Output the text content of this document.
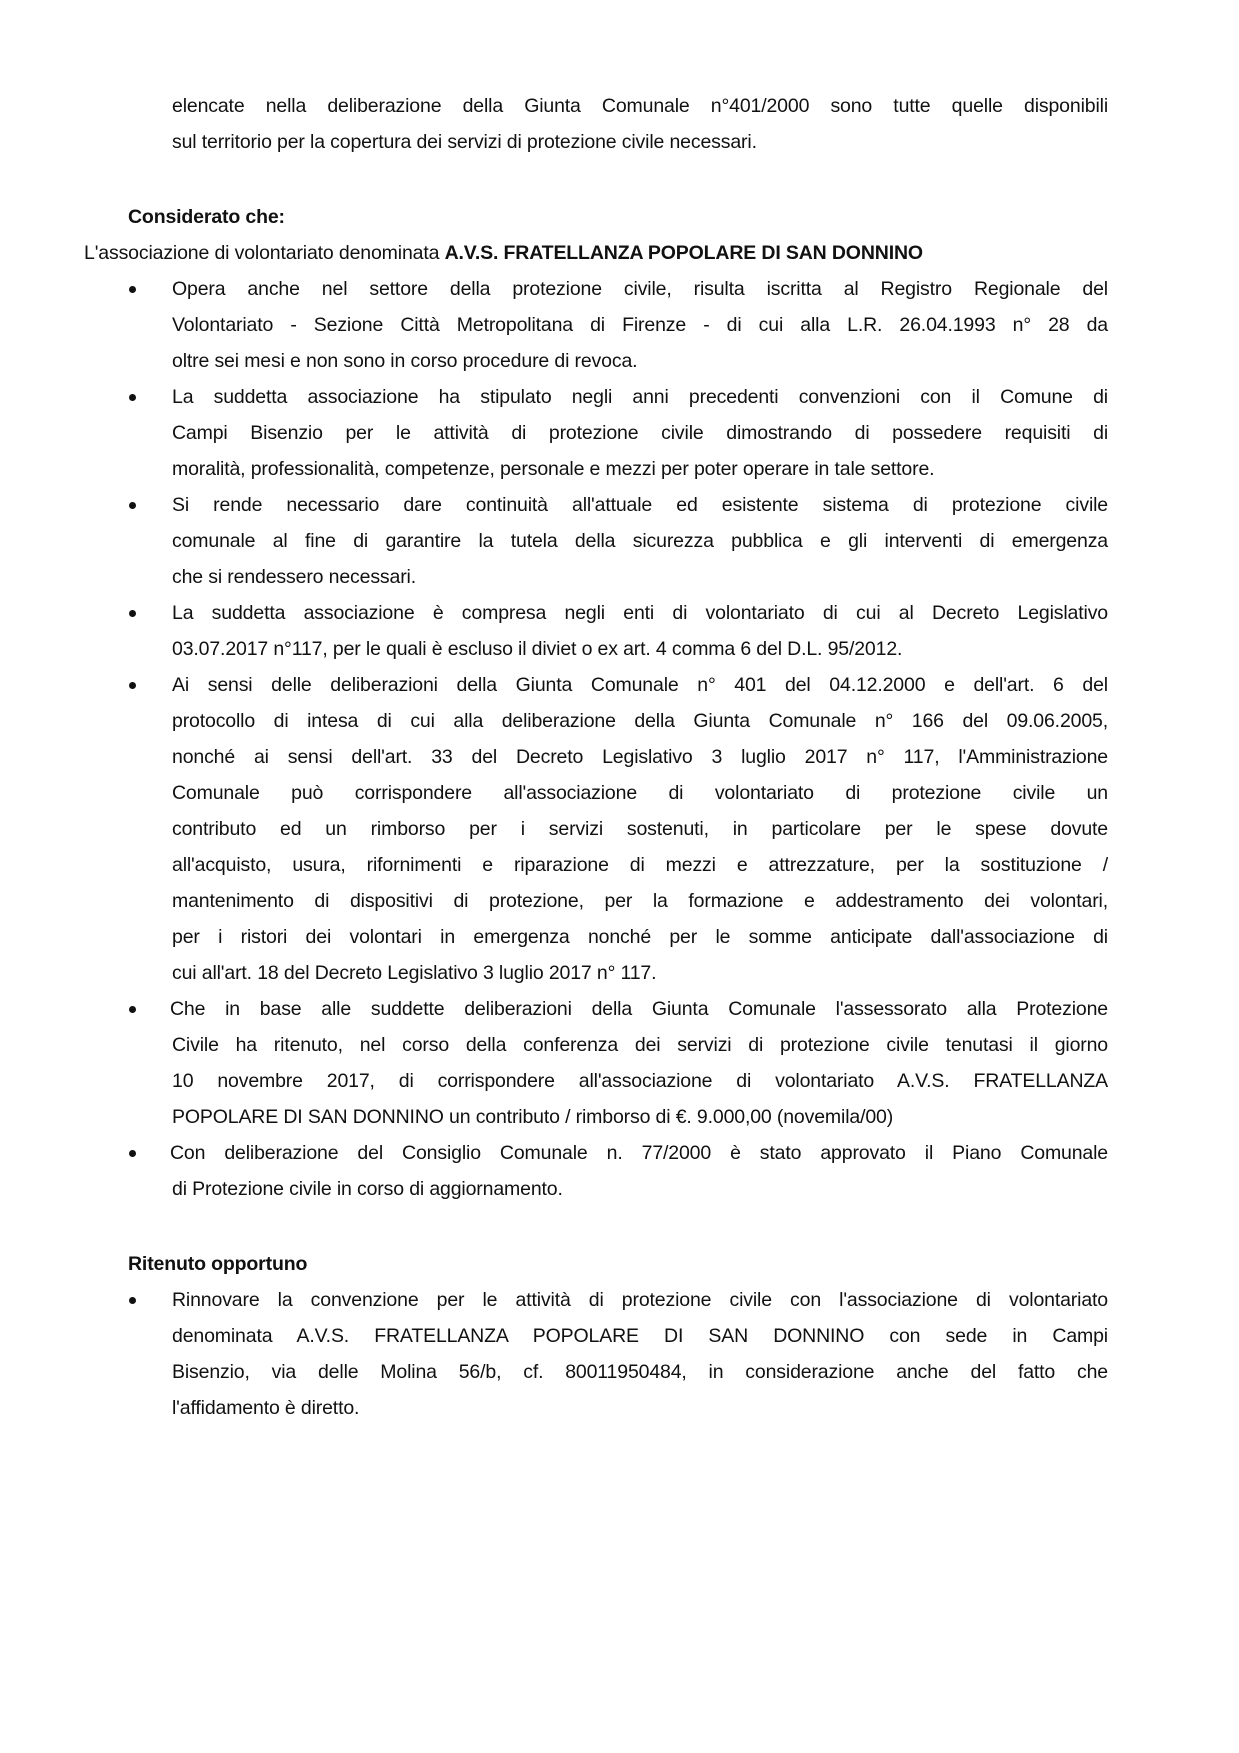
elencate nella deliberazione della Giunta Comunale n°401/2000 sono tutte quelle disponibili
sul territorio per la copertura dei servizi di protezione civile necessari.
Considerato che:
L'associazione di volontariato denominata A.V.S. FRATELLANZA POPOLARE DI SAN DONNINO
Opera anche nel settore della protezione civile, risulta iscritta al Registro Regionale del
Volontariato - Sezione Città Metropolitana di Firenze - di cui alla L.R. 26.04.1993 n° 28 da
oltre sei mesi e non sono in corso procedure di revoca.
La suddetta associazione ha stipulato negli anni precedenti convenzioni con il Comune di
Campi Bisenzio per le attività di protezione civile dimostrando di possedere requisiti di
moralità, professionalità, competenze, personale e mezzi per poter operare in tale settore.
Si rende necessario dare continuità all'attuale ed esistente sistema di protezione civile
comunale al fine di garantire la tutela della sicurezza pubblica e gli interventi di emergenza
che si rendessero necessari.
La suddetta associazione è compresa negli enti di volontariato di cui al Decreto Legislativo
03.07.2017 n°117, per le quali è escluso il diviet o ex art. 4 comma 6 del D.L. 95/2012.
Ai sensi delle deliberazioni della Giunta Comunale n° 401 del 04.12.2000 e dell'art. 6 del
protocollo di intesa di cui alla deliberazione della Giunta Comunale n° 166 del 09.06.2005,
nonché ai sensi dell'art. 33 del Decreto Legislativo 3 luglio 2017 n° 117, l'Amministrazione
Comunale può corrispondere all'associazione di volontariato di protezione civile un
contributo ed un rimborso per i servizi sostenuti, in particolare per le spese dovute
all'acquisto, usura, rifornimenti e riparazione di mezzi e attrezzature, per la sostituzione /
mantenimento di dispositivi di protezione, per la formazione e addestramento dei volontari,
per i ristori dei volontari in emergenza nonché per le somme anticipate dall'associazione di
cui all'art. 18 del Decreto Legislativo 3 luglio 2017 n° 117.
Che in base alle suddette deliberazioni della Giunta Comunale l'assessorato alla Protezione
Civile ha ritenuto, nel corso della conferenza dei servizi di protezione civile tenutasi il giorno
10 novembre 2017, di corrispondere all'associazione di volontariato A.V.S. FRATELLANZA
POPOLARE DI SAN DONNINO un contributo / rimborso di €. 9.000,00 (novemila/00)
Con deliberazione del Consiglio Comunale n. 77/2000 è stato approvato il Piano Comunale
di Protezione civile in corso di aggiornamento.
Ritenuto opportuno
Rinnovare la convenzione per le attività di protezione civile con l'associazione di volontariato
denominata A.V.S. FRATELLANZA POPOLARE DI SAN DONNINO con sede in Campi
Bisenzio, via delle Molina 56/b, cf. 80011950484, in considerazione anche del fatto che
l'affidamento è diretto.
